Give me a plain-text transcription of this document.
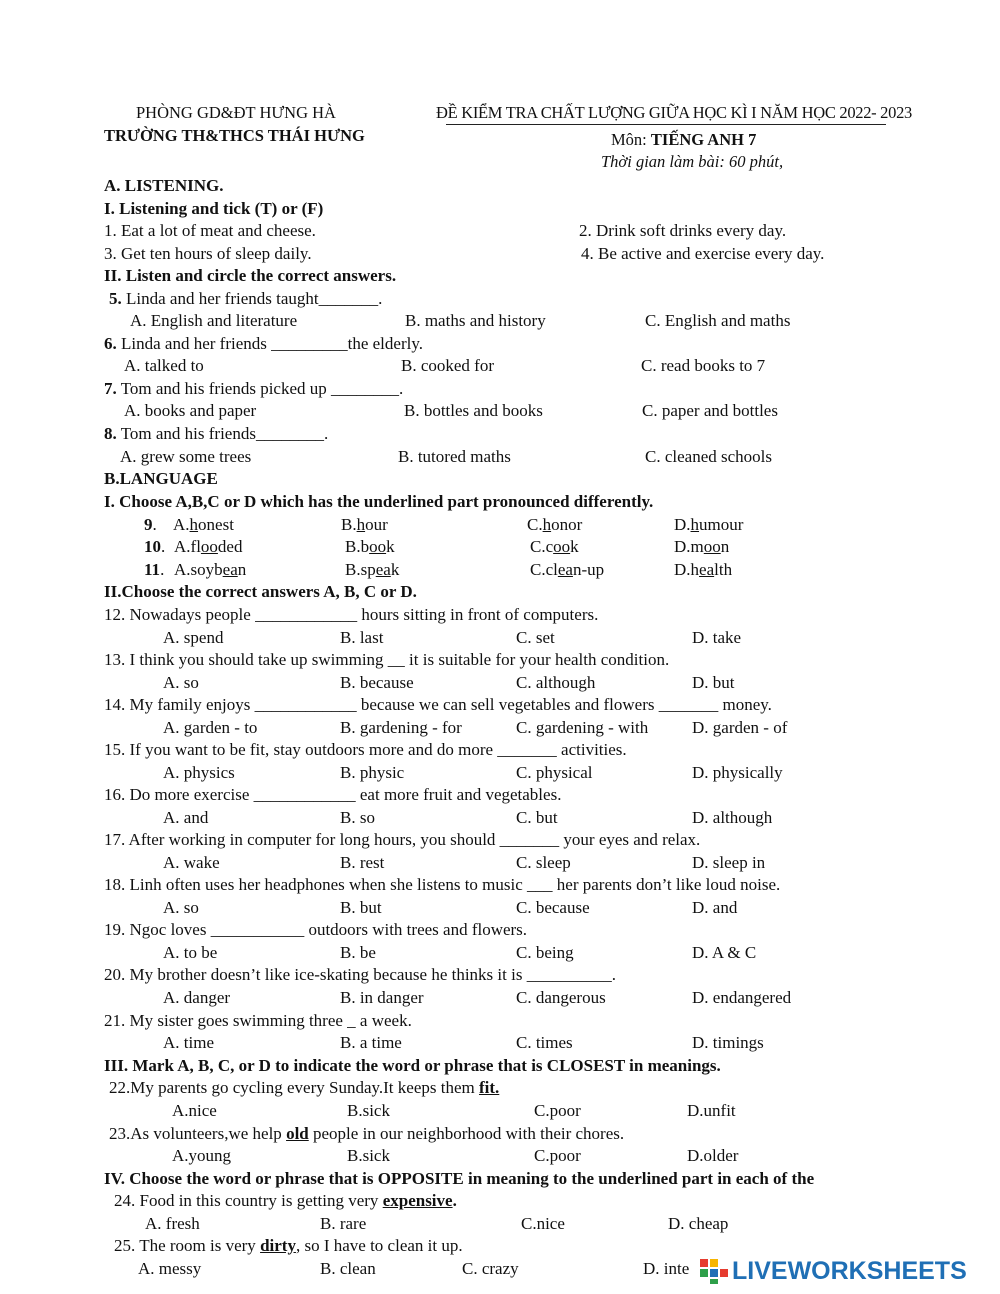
PHÒNG GD&ĐT HƯNG HÀ
TRƯỜNG TH&THCS THÁI HƯNG
ĐỀ KIỂM TRA CHẤT LƯỢNG GIỮA HỌC KÌ I NĂM HỌC 2022- 2023
Môn: TIẾNG ANH 7
Thời gian làm bài: 60 phút,
A. LISTENING.
I. Listening and tick (T) or (F)
1. Eat a lot of meat and cheese.	2. Drink soft drinks every day.
3. Get ten hours of sleep daily.	4. Be active and exercise every day.
II. Listen and circle the correct answers.
5. Linda and her friends taught_______.
A. English and literature	B. maths and history	C. English and maths
6. Linda and her friends _________the elderly.
A. talked to	B. cooked for	C. read books to 7
7. Tom and his friends picked up ________.
A. books and paper	B. bottles and books	C. paper and bottles
8. Tom and his friends________.
A. grew some trees	B. tutored maths	C. cleaned schools
B.LANGUAGE
I. Choose A,B,C or D which has the underlined part pronounced differently.
9. A.honest	B.hour	C.honor	D.humour
10. A.flooded	B.book	C.cook	D.moon
11. A.soybean	B.speak	C.clean-up	D.health
II.Choose the correct answers A, B, C or D.
12. Nowadays people ____________ hours sitting in front of computers.
A. spend	B. last	C. set	D. take
13. I think you should take up swimming __ it is suitable for your health condition.
A. so	B. because	C. although	D. but
14. My family enjoys ____________ because we can sell vegetables and flowers _______ money.
A. garden - to	B. gardening - for	C. gardening - with	D. garden - of
15. If you want to be fit, stay outdoors more and do more _______ activities.
A. physics	B. physic	C. physical	D. physically
16. Do more exercise ____________ eat more fruit and vegetables.
A. and	B. so	C. but	D. although
17. After working in computer for long hours, you should _______ your eyes and relax.
A. wake	B. rest	C. sleep	D. sleep in
18. Linh often uses her headphones when she listens to music ___ her parents don’t like loud noise.
A. so	B. but	C. because	D. and
19. Ngoc loves ___________ outdoors with trees and flowers.
A. to be	B. be	C. being	D. A & C
20. My brother doesn’t like ice-skating because he thinks it is __________.
A. danger	B. in danger	C. dangerous	D. endangered
21. My sister goes swimming three _ a week.
A. time	B. a time	C. times	D. timings
III. Mark A, B, C, or D to indicate the word or phrase that is CLOSEST in meanings.
22.My parents go cycling every Sunday.It keeps them fit.
A.nice	B.sick	C.poor	D.unfit
23.As volunteers,we help old people in our neighborhood with their chores.
A.young	B.sick	C.poor	D.older
IV. Choose the word or phrase that is OPPOSITE in meaning to the underlined part in each of the
24. Food in this country is getting very expensive.
A. fresh	B. rare	C.nice	D. cheap
25. The room is very dirty, so I have to clean it up.
A. messy	B. clean	C. crazy	D. inte LIVEWORKSHEETS
